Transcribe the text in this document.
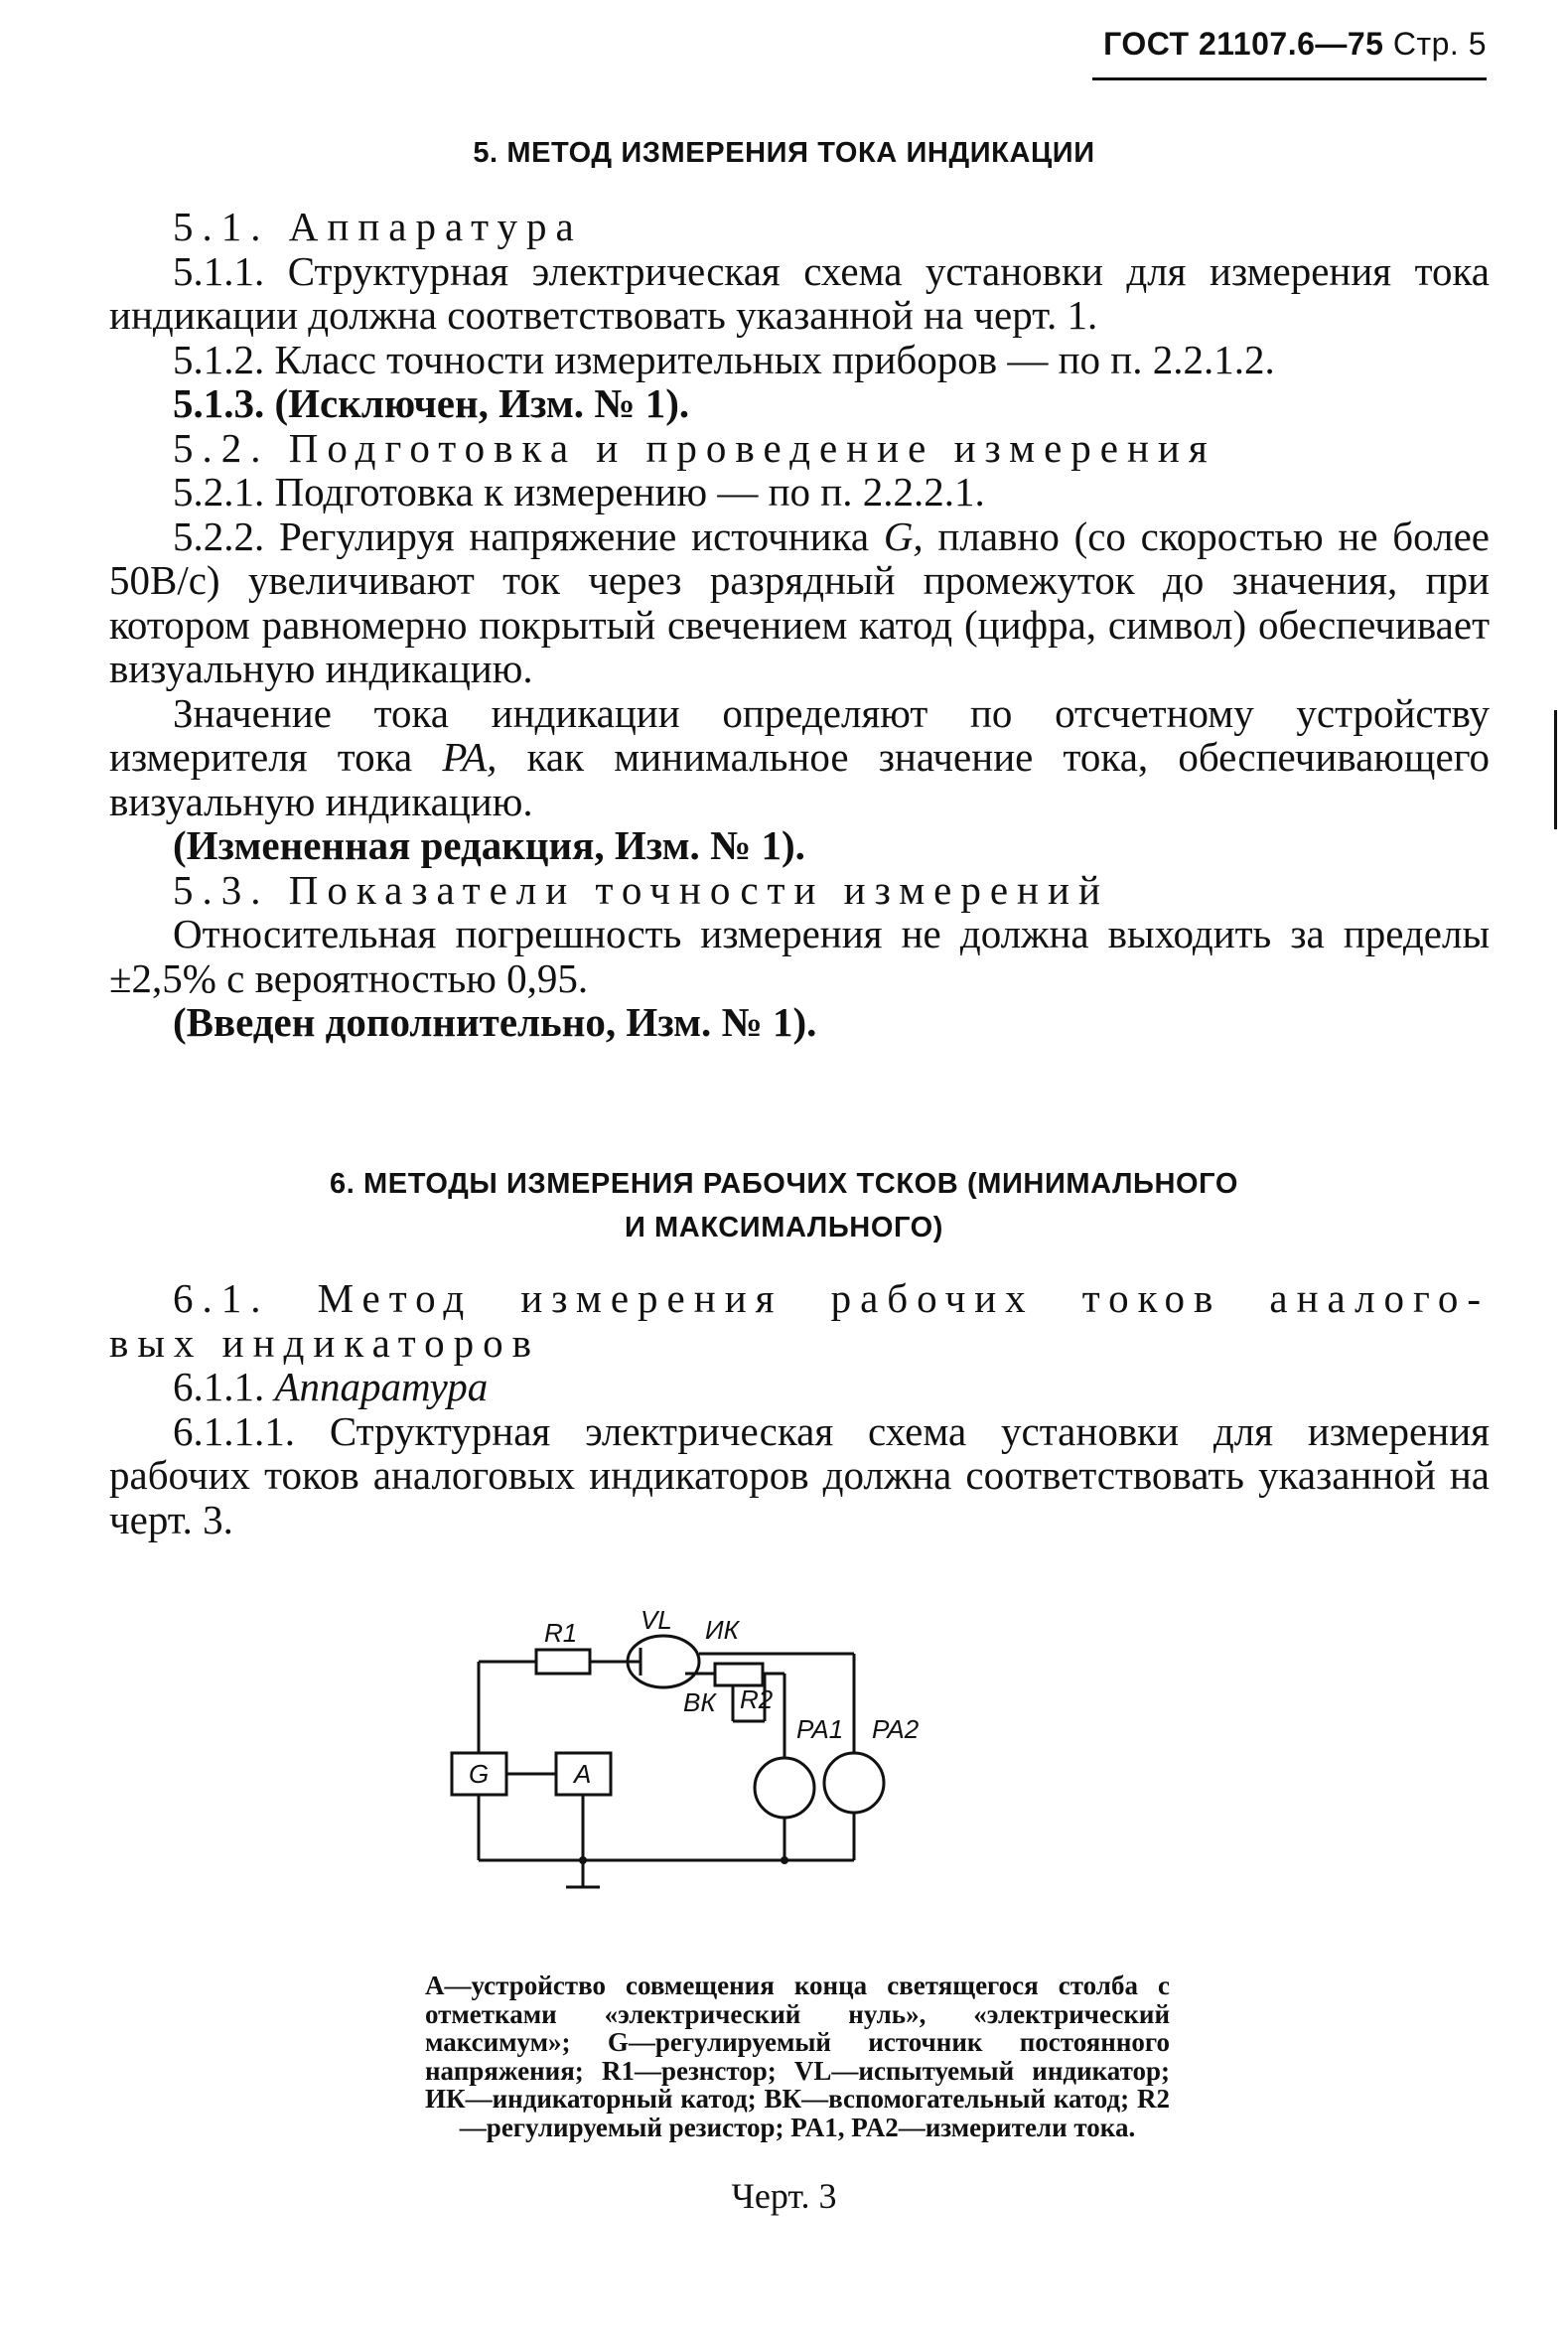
ГОСТ 21107.6—75 Стр. 5
5. МЕТОД ИЗМЕРЕНИЯ ТОКА ИНДИКАЦИИ

5.1. Аппаратура

5.1.1. Структурная электрическая схема установки для измерения тока индикации должна соответствовать указанной на черт. 1.

5.1.2. Класс точности измерительных приборов — по п. 2.2.1.2.

5.1.3. (Исключен, Изм. № 1).

5.2. Подготовка и проведение измерения

5.2.1. Подготовка к измерению — по п. 2.2.2.1.

5.2.2. Регулируя напряжение источника G, плавно (со скоростью не более 50В/с) увеличивают ток через разрядный промежуток до значения, при котором равномерно покрытый свечением катод (цифра, символ) обеспечивает визуальную индикацию.

Значение тока индикации определяют по отсчетному устройству измерителя тока PA, как минимальное значение тока, обеспечивающего визуальную индикацию.

(Измененная редакция, Изм. № 1).

5.3. Показатели точности измерений

Относительная погрешность измерения не должна выходить за пределы ±2,5% с вероятностью 0,95.

(Введен дополнительно, Изм. № 1).

6. МЕТОДЫ ИЗМЕРЕНИЯ РАБОЧИХ ТСКОВ (МИНИМАЛЬНОГО
И МАКСИМАЛЬНОГО)

6.1. Метод измерения рабочих токов аналого-

вых индикаторов

6.1.1. Аппаратура

6.1.1.1. Структурная электрическая схема установки для измерения рабочих токов аналоговых индикаторов должна соответствовать указанной на черт. 3.

R1 VL ИК
ВК R2
PA1 PA2
G	A
А—устройство совмещения конца светящегося столба с отметками «электрический нуль», «электрический максимум»; G—регулируемый источник постоянного напряжения; R1—резнстор; VL—испытуемый индикатор; ИК—индикаторный катод; ВК—вспомогательный катод; R2—регулируемый резистор; PA1, PA2—измерители тока.
Черт. 3
